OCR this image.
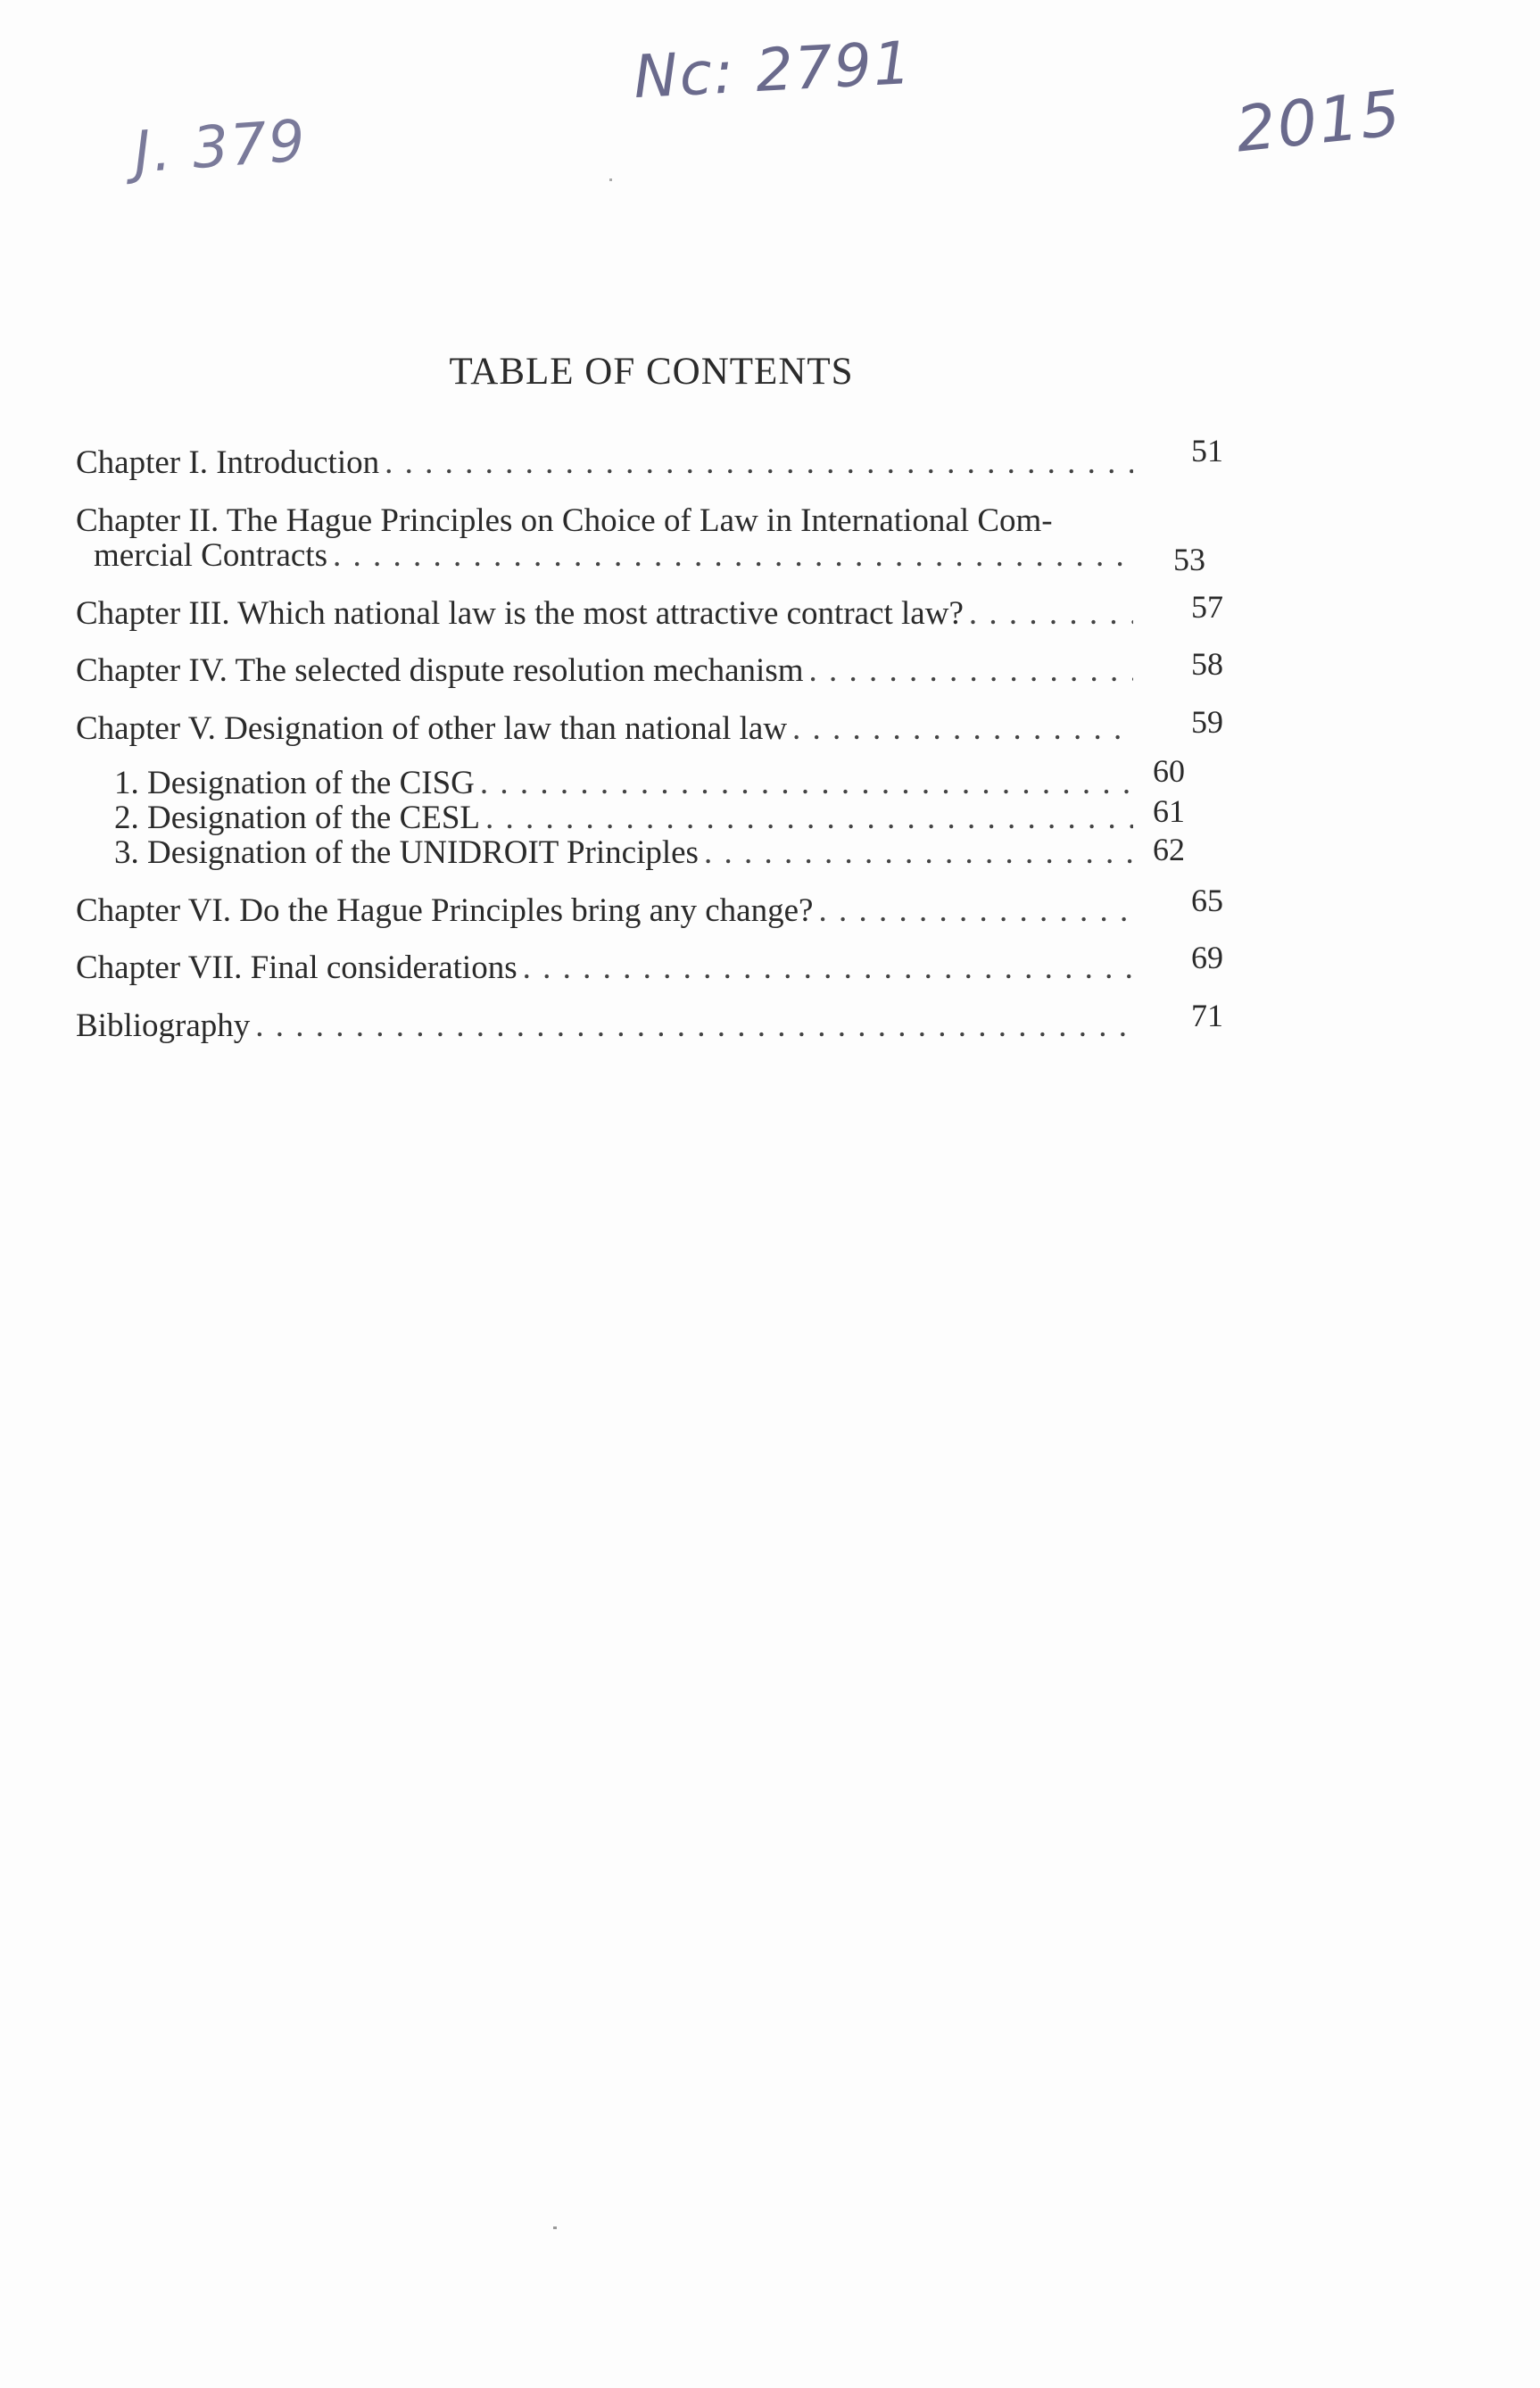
Nc: 2791
J. 379	2015
TABLE OF CONTENTS
Chapter I. Introduction . . .	51
Chapter II. The Hague Principles on Choice of Law in International Com-
mercial Contracts . . .	53
Chapter III. Which national law is the most attractive contract law? . . .	57
Chapter IV. The selected dispute resolution mechanism . . .	58
Chapter V. Designation of other law than national law . . .	59
1. Designation of the CISG . . .	60
2. Designation of the CESL . . .	61
3. Designation of the UNIDROIT Principles . . .	62
Chapter VI. Do the Hague Principles bring any change? . . .	65
Chapter VII. Final considerations . . .	69
Bibliography . . .	71
